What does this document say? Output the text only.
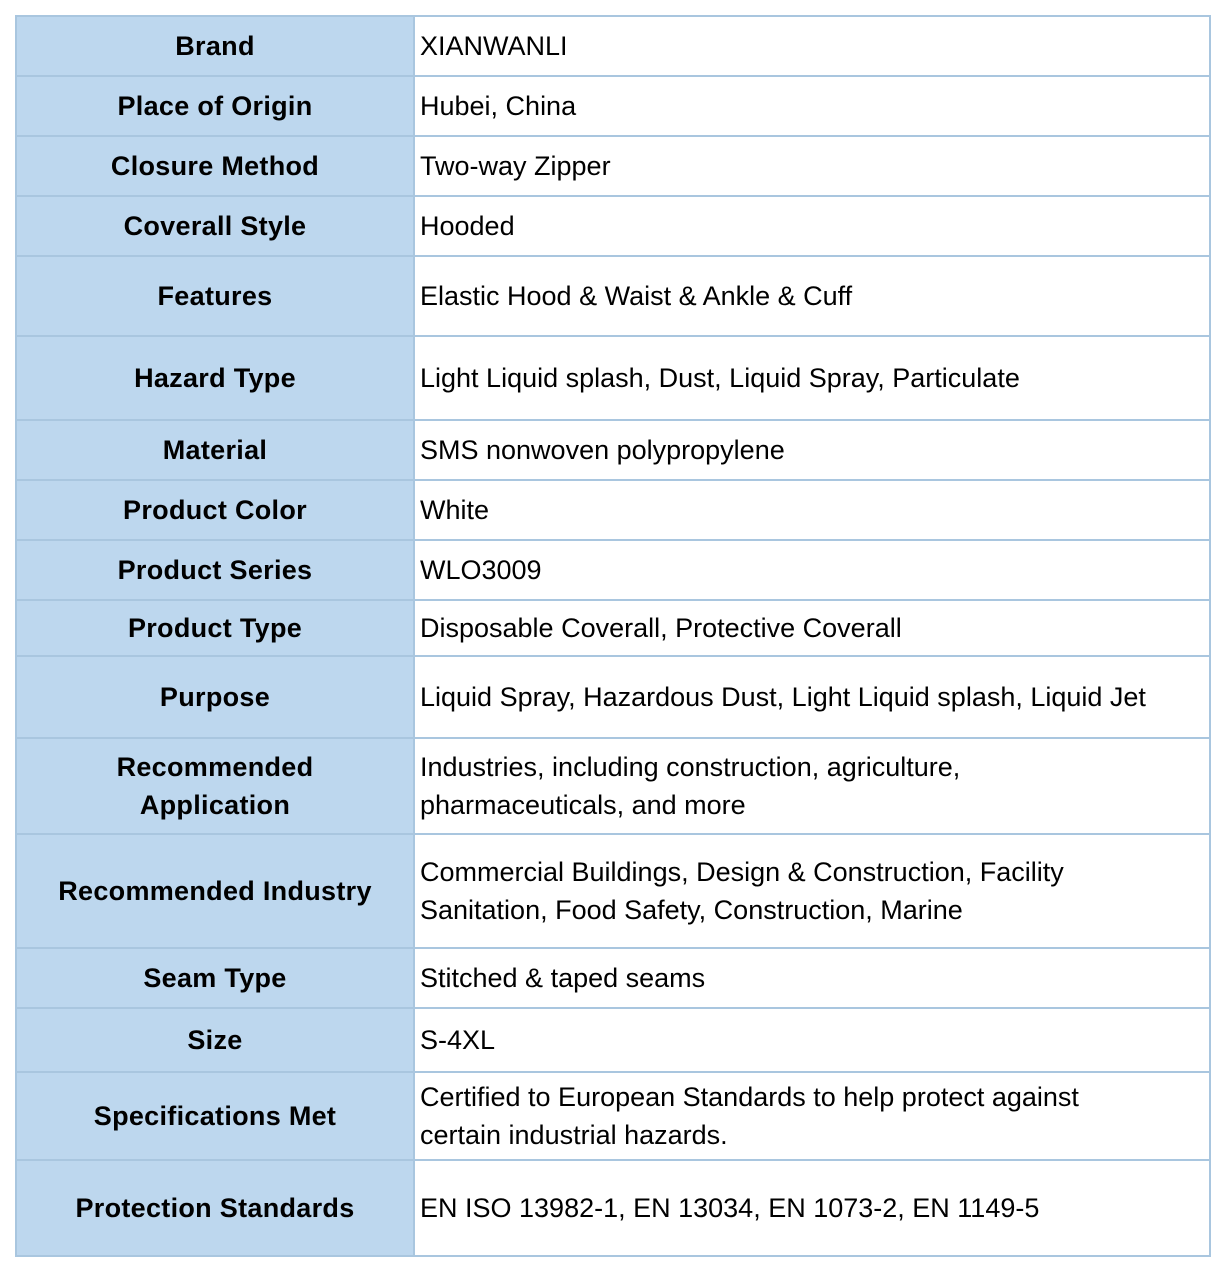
Brand	XIANWANLI
Place of Origin	Hubei, China
Closure Method	Two-way Zipper
Coverall Style	Hooded
Features	Elastic Hood & Waist & Ankle & Cuff
Hazard Type	Light Liquid splash, Dust, Liquid Spray, Particulate
Material	SMS nonwoven polypropylene
Product Color	White
Product Series	WLO3009
Product Type	Disposable Coverall, Protective Coverall
Purpose	Liquid Spray, Hazardous Dust, Light Liquid splash, Liquid Jet
Recommended Application	Industries, including construction, agriculture, pharmaceuticals, and more
Recommended Industry	Commercial Buildings, Design & Construction, Facility Sanitation, Food Safety, Construction, Marine
Seam Type	Stitched & taped seams
Size	S-4XL
Specifications Met	Certified to European Standards to help protect against certain industrial hazards.
Protection Standards	EN ISO 13982-1, EN 13034, EN 1073-2, EN 1149-5
